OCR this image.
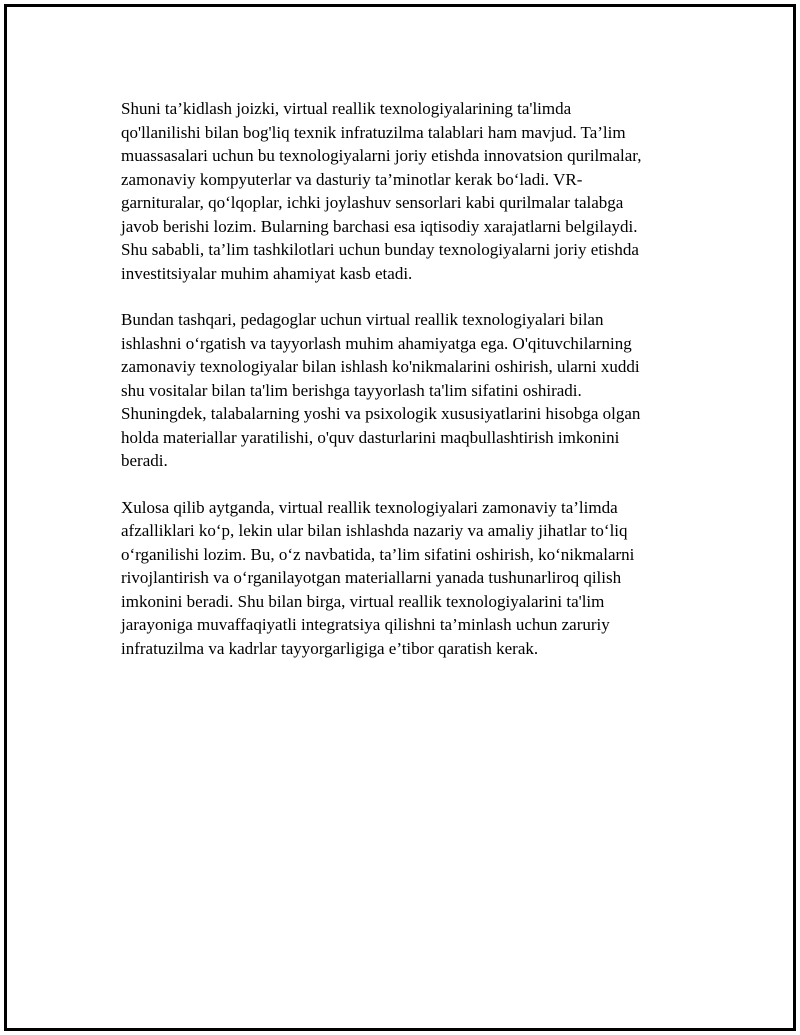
Shuni ta’kidlash joizki, virtual reallik texnologiyalarining ta'limda
qo'llanilishi bilan bog'liq texnik infratuzilma talablari ham mavjud. Ta’lim
muassasalari uchun bu texnologiyalarni joriy etishda innovatsion qurilmalar,
zamonaviy kompyuterlar va dasturiy ta’minotlar kerak bo‘ladi. VR-
garnituralar, qo‘lqoplar, ichki joylashuv sensorlari kabi qurilmalar talabga
javob berishi lozim. Bularning barchasi esa iqtisodiy xarajatlarni belgilaydi.
Shu sababli, ta’lim tashkilotlari uchun bunday texnologiyalarni joriy etishda
investitsiyalar muhim ahamiyat kasb etadi.

Bundan tashqari, pedagoglar uchun virtual reallik texnologiyalari bilan
ishlashni o‘rgatish va tayyorlash muhim ahamiyatga ega. O'qituvchilarning
zamonaviy texnologiyalar bilan ishlash ko'nikmalarini oshirish, ularni xuddi
shu vositalar bilan ta'lim berishga tayyorlash ta'lim sifatini oshiradi.
Shuningdek, talabalarning yoshi va psixologik xususiyatlarini hisobga olgan
holda materiallar yaratilishi, o'quv dasturlarini maqbullashtirish imkonini
beradi.

Xulosa qilib aytganda, virtual reallik texnologiyalari zamonaviy ta’limda
afzalliklari ko‘p, lekin ular bilan ishlashda nazariy va amaliy jihatlar to‘liq
o‘rganilishi lozim. Bu, o‘z navbatida, ta’lim sifatini oshirish, ko‘nikmalarni
rivojlantirish va o‘rganilayotgan materiallarni yanada tushunarliroq qilish
imkonini beradi. Shu bilan birga, virtual reallik texnologiyalarini ta'lim
jarayoniga muvaffaqiyatli integratsiya qilishni ta’minlash uchun zaruriy
infratuzilma va kadrlar tayyorgarligiga e’tibor qaratish kerak.
